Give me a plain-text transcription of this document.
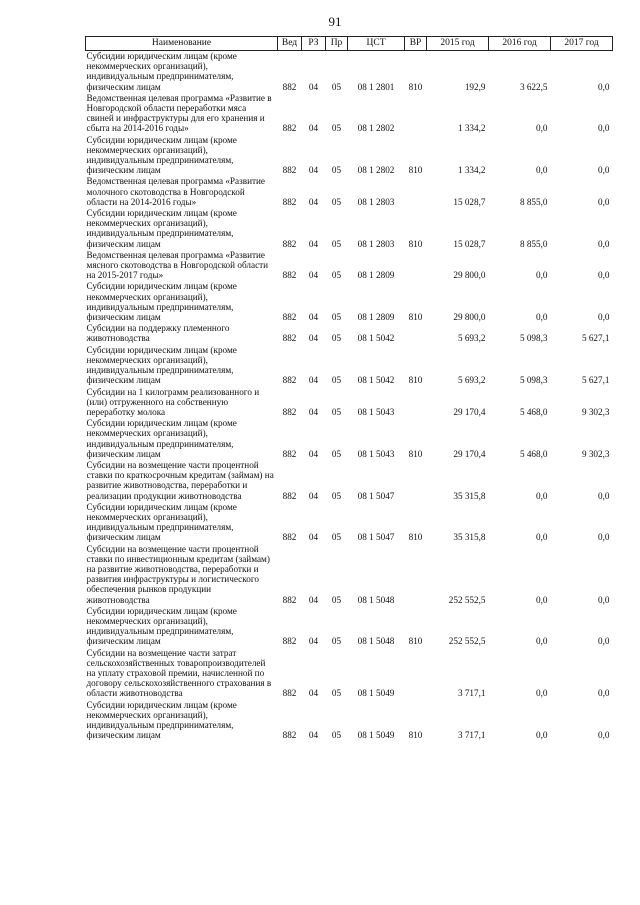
91
Наименование	Вед	РЗ	Пр	ЦСТ	ВР	2015 год	2016 год	2017 год
Субсидии юридическим лицам (кроме некоммерческих организаций), индивидуальным предпринимателям, физическим лицам	882	04	05	08 1 2801	810	192,9	3 622,5	0,0
Ведомственная целевая программа «Развитие в Новгородской области переработки мяса свиней и инфраструктуры для его хранения и сбыта на 2014-2016 годы»	882	04	05	08 1 2802		1 334,2	0,0	0,0
Субсидии юридическим лицам (кроме некоммерческих организаций), индивидуальным предпринимателям, физическим лицам	882	04	05	08 1 2802	810	1 334,2	0,0	0,0
Ведомственная целевая программа «Развитие молочного скотоводства в Новгородской области на 2014-2016 годы»	882	04	05	08 1 2803		15 028,7	8 855,0	0,0
Субсидии юридическим лицам (кроме некоммерческих организаций), индивидуальным предпринимателям, физическим лицам	882	04	05	08 1 2803	810	15 028,7	8 855,0	0,0
Ведомственная целевая программа «Развитие мясного скотоводства в Новгородской области на 2015-2017 годы»	882	04	05	08 1 2809		29 800,0	0,0	0,0
Субсидии юридическим лицам (кроме некоммерческих организаций), индивидуальным предпринимателям, физическим лицам	882	04	05	08 1 2809	810	29 800,0	0,0	0,0
Субсидии на поддержку племенного животноводства	882	04	05	08 1 5042		5 693,2	5 098,3	5 627,1
Субсидии юридическим лицам (кроме некоммерческих организаций), индивидуальным предпринимателям, физическим лицам	882	04	05	08 1 5042	810	5 693,2	5 098,3	5 627,1
Субсидии на 1 килограмм реализованного и (или) отгруженного на собственную переработку молока	882	04	05	08 1 5043		29 170,4	5 468,0	9 302,3
Субсидии юридическим лицам (кроме некоммерческих организаций), индивидуальным предпринимателям, физическим лицам	882	04	05	08 1 5043	810	29 170,4	5 468,0	9 302,3
Субсидии на возмещение части процентной ставки по краткосрочным кредитам (займам) на развитие животноводства, переработки и реализации продукции животноводства	882	04	05	08 1 5047		35 315,8	0,0	0,0
Субсидии юридическим лицам (кроме некоммерческих организаций), индивидуальным предпринимателям, физическим лицам	882	04	05	08 1 5047	810	35 315,8	0,0	0,0
Субсидии на возмещение части процентной ставки по инвестиционным кредитам (займам) на развитие животноводства, переработки и развития инфраструктуры и логистического обеспечения рынков продукции животноводства	882	04	05	08 1 5048		252 552,5	0,0	0,0
Субсидии юридическим лицам (кроме некоммерческих организаций), индивидуальным предпринимателям, физическим лицам	882	04	05	08 1 5048	810	252 552,5	0,0	0,0
Субсидии на возмещение части затрат сельскохозяйственных товаропроизводителей на уплату страховой премии, начисленной по договору сельскохозяйственного страхования в области животноводства	882	04	05	08 1 5049		3 717,1	0,0	0,0
Субсидии юридическим лицам (кроме некоммерческих организаций), индивидуальным предпринимателям, физическим лицам	882	04	05	08 1 5049	810	3 717,1	0,0	0,0
